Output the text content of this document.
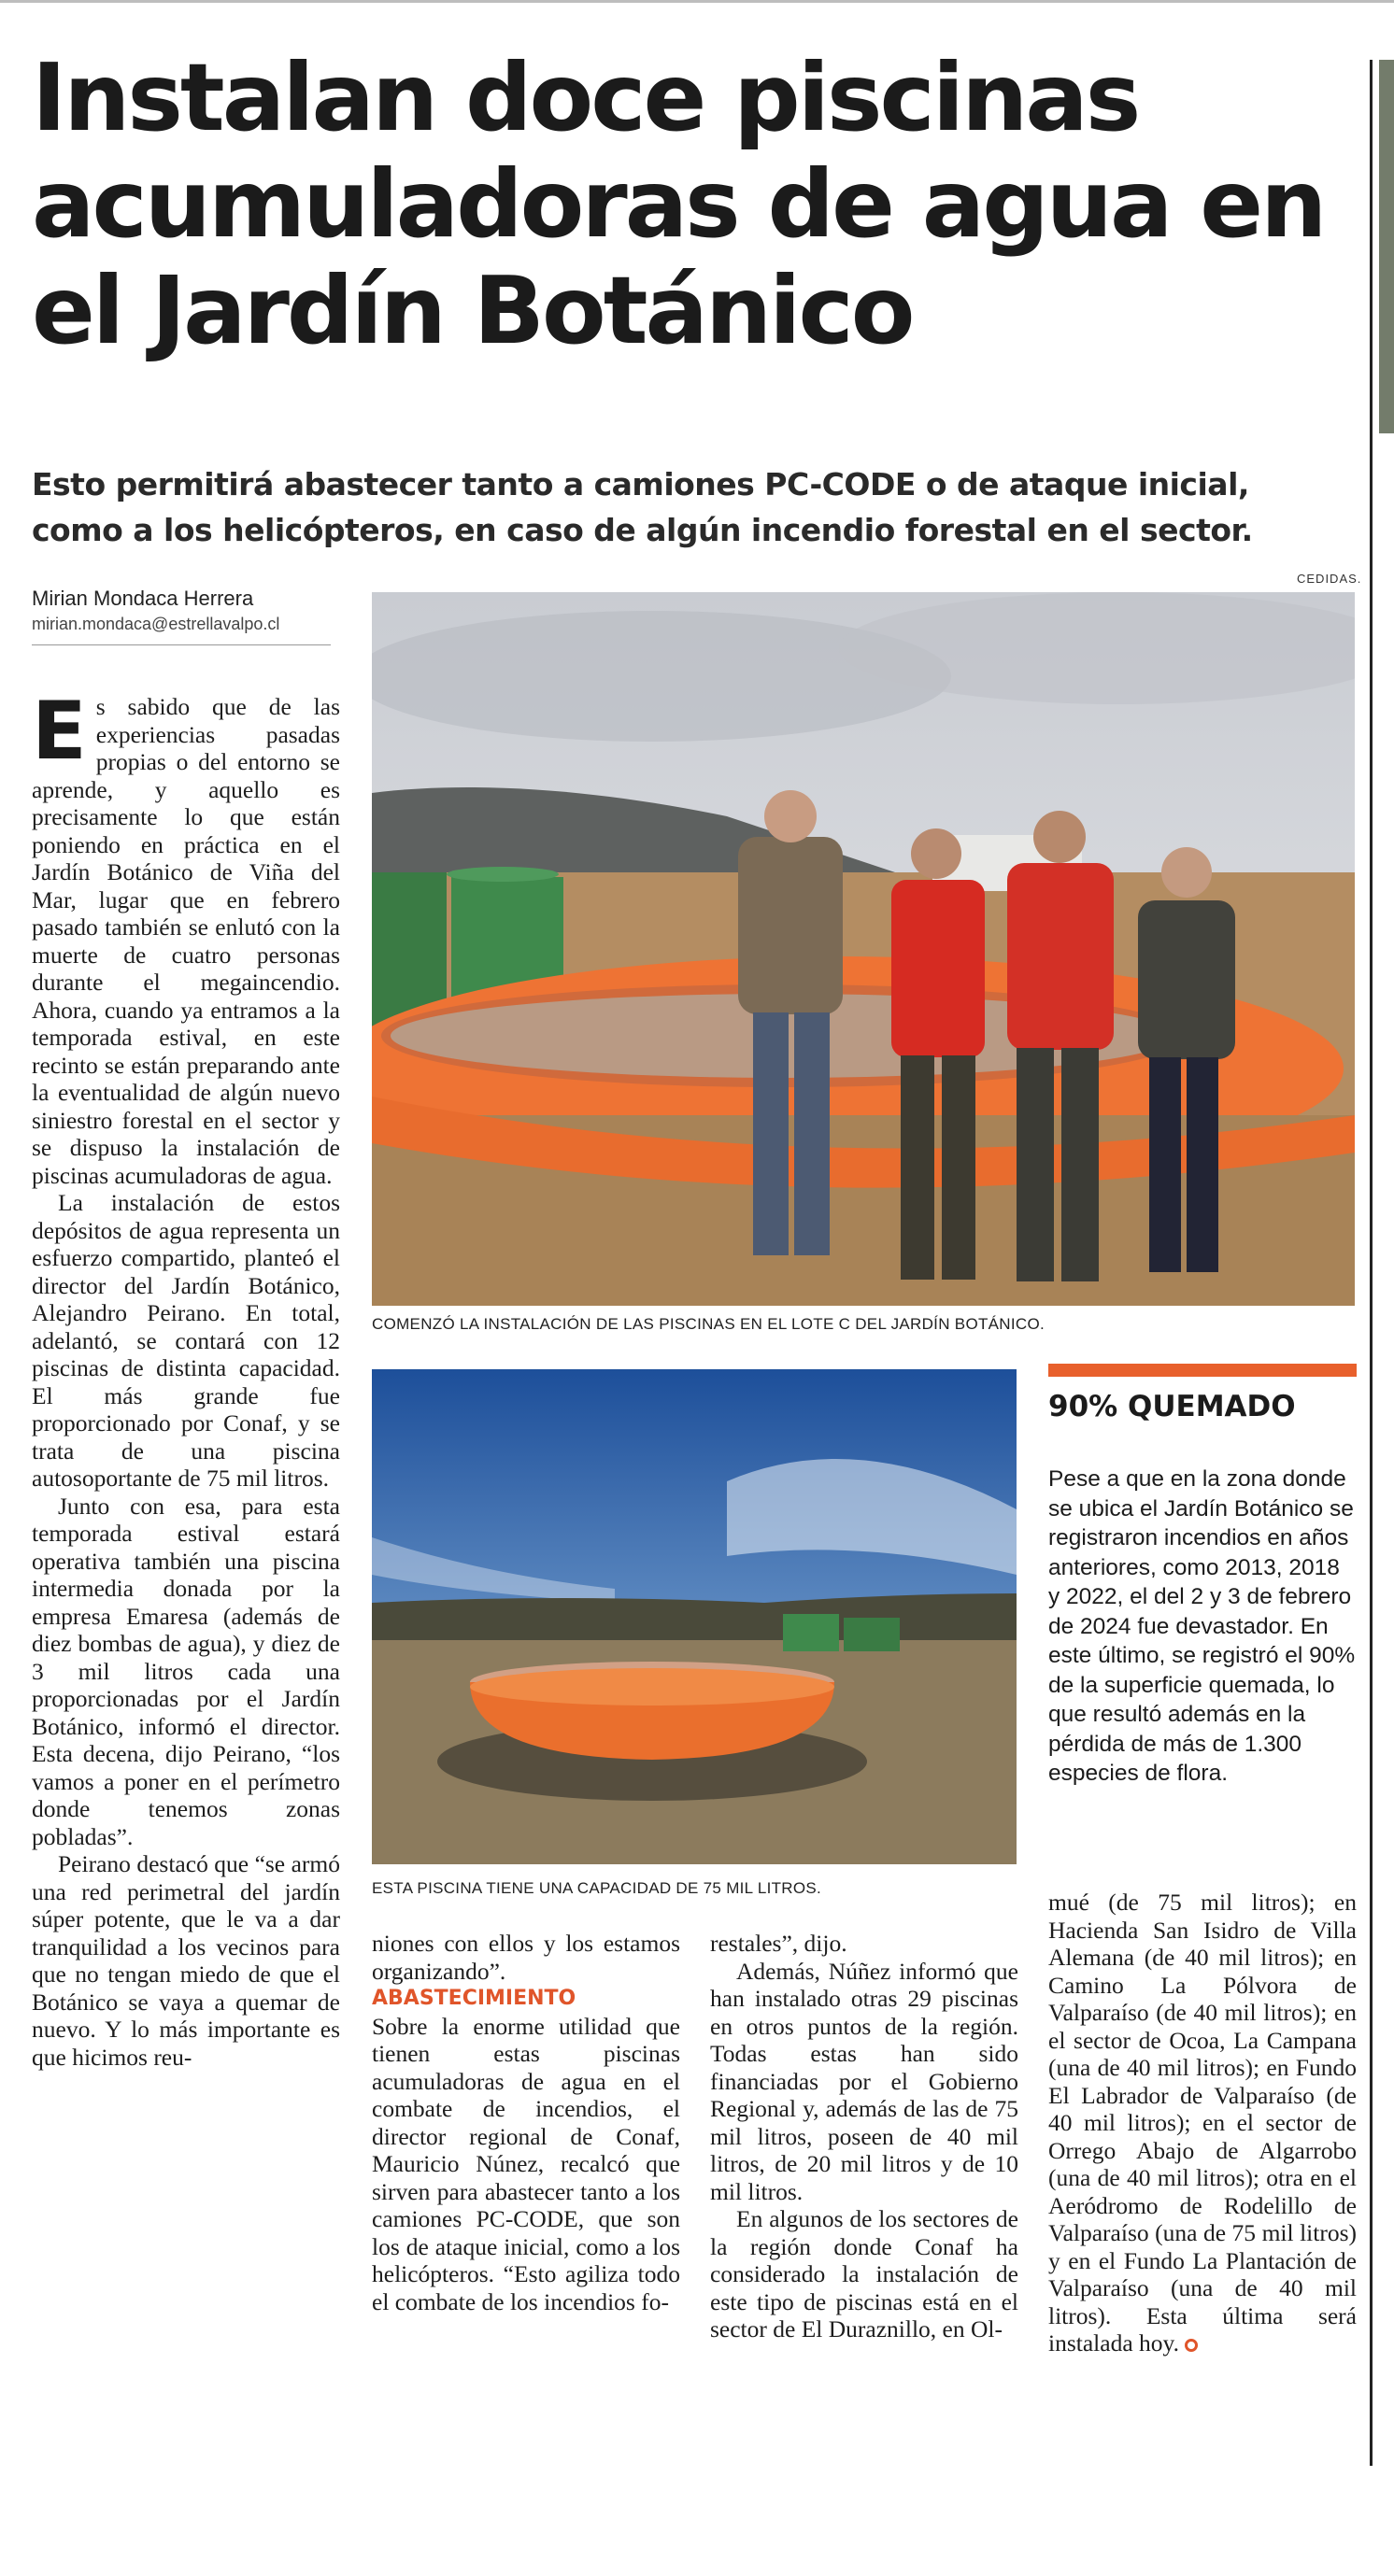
Instalan doce piscinas acumuladoras de agua en el Jardín Botánico

Esto permitirá abastecer tanto a camiones PC-CODE o de ataque inicial, como a los helicópteros, en caso de algún incendio forestal en el sector.

Mirian Mondaca Herrera
mirian.mondaca@estrellavalpo.cl
CEDIDAS.
COMENZÓ LA INSTALACIÓN DE LAS PISCINAS EN EL LOTE C DEL JARDÍN BOTÁNICO.
ESTA PISCINA TIENE UNA CAPACIDAD DE 75 MIL LITROS.

Es sabido que de las experiencias pasadas propias o del entorno se aprende, y aquello es precisamente lo que están poniendo en práctica en el Jardín Botánico de Viña del Mar, lugar que en febrero pasado también se enlutó con la muerte de cuatro personas durante el megaincendio. Ahora, cuando ya entramos a la temporada estival, en este recinto se están preparando ante la eventualidad de algún nuevo siniestro forestal en el sector y se dispuso la instalación de piscinas acumuladoras de agua.

La instalación de estos depósitos de agua representa un esfuerzo compartido, planteó el director del Jardín Botánico, Alejandro Peirano. En total, adelantó, se contará con 12 piscinas de distinta capacidad. El más grande fue proporcionado por Conaf, y se trata de una piscina autosoportante de 75 mil litros.

Junto con esa, para esta temporada estival estará operativa también una piscina intermedia donada por la empresa Emaresa (además de diez bombas de agua), y diez de 3 mil litros cada una proporcionadas por el Jardín Botánico, informó el director. Esta decena, dijo Peirano, “los vamos a poner en el perímetro donde tenemos zonas pobladas”.

Peirano destacó que “se armó una red perimetral del jardín súper potente, que le va a dar tranquilidad a los vecinos para que no tengan miedo de que el Botánico se vaya a quemar de nuevo. Y lo más importante es que hicimos reu-

niones con ellos y los estamos organizando”.

ABASTECIMIENTO

Sobre la enorme utilidad que tienen estas piscinas acumuladoras de agua en el combate de incendios, el director regional de Conaf, Mauricio Núnez, recalcó que sirven para abastecer tanto a los camiones PC-CODE, que son los de ataque inicial, como a los helicópteros. “Esto agiliza todo el combate de los incendios fo-

restales”, dijo.

Además, Núñez informó que han instalado otras 29 piscinas en otros puntos de la región. Todas estas han sido financiadas por el Gobierno Regional y, además de las de 75 mil litros, poseen de 40 mil litros, de 20 mil litros y de 10 mil litros.

En algunos de los sectores de la región donde Conaf ha considerado la instalación de este tipo de piscinas está en el sector de El Duraznillo, en Ol-

mué (de 75 mil litros); en Hacienda San Isidro de Villa Alemana (de 40 mil litros); en Camino La Pólvora de Valparaíso (de 40 mil litros); en el sector de Ocoa, La Campana (una de 40 mil litros); en Fundo El Labrador de Valparaíso (de 40 mil litros); en el sector de Orrego Abajo de Algarrobo (una de 40 mil litros); otra en el Aeródromo de Rodelillo de Valparaíso (una de 75 mil litros) y en el Fundo La Plantación de Valparaíso (una de 40 mil litros). Esta última será instalada hoy.

90% QUEMADO

Pese a que en la zona donde se ubica el Jardín Botánico se registraron incendios en años anteriores, como 2013, 2018 y 2022, el del 2 y 3 de febrero de 2024 fue devastador. En este último, se registró el 90% de la superficie quemada, lo que resultó además en la pérdida de más de 1.300 especies de flora.
